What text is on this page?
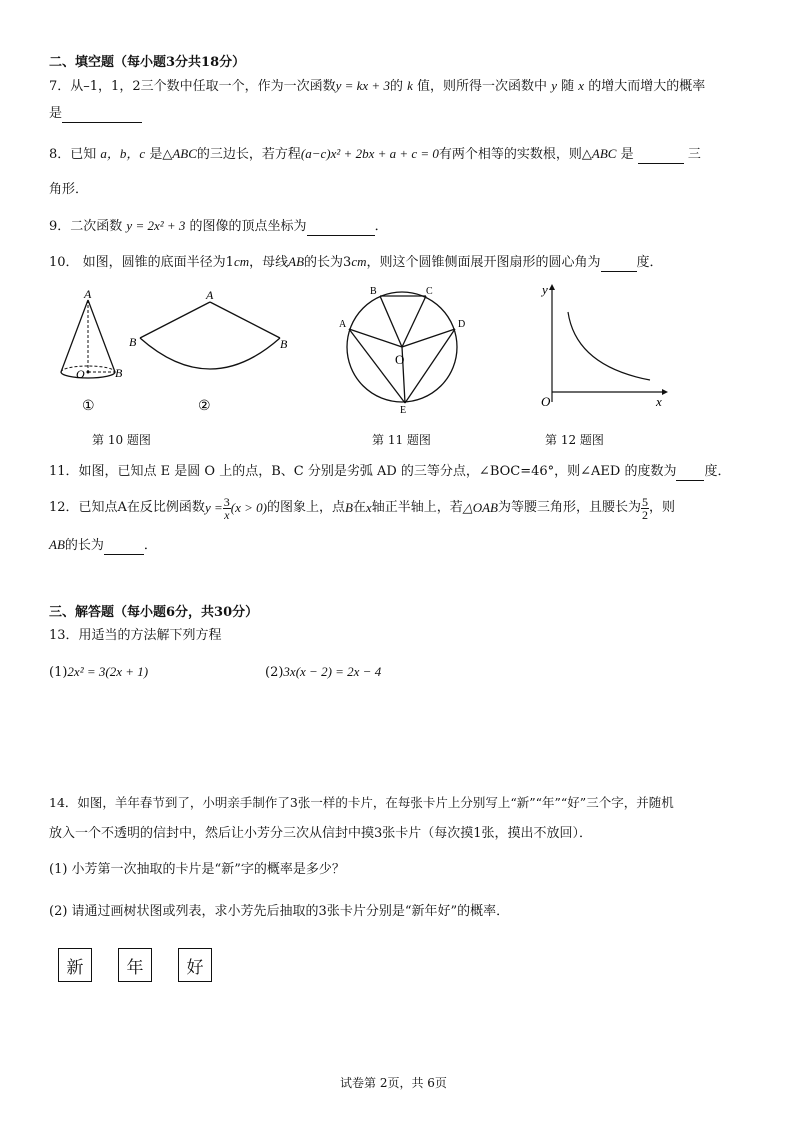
二、填空题（每小题3分共18分）
7．从–1，1，2三个数中任取一个，作为一次函数y = kx + 3的 k 值，则所得一次函数中 y 随 x 的增大而增大的概率
是
8．已知 a，b，c 是△ABC的三边长，若方程(a−c)x² + 2bx + a + c = 0有两个相等的实数根，则△ABC 是	三
角形．
9．二次函数 y = 2x² + 3 的图像的顶点坐标为	．
10． 如图，圆锥的底面半径为1cm，母线AB的长为3cm，则这个圆锥侧面展开图扇形的圆心角为	度．
A
O	B
①
A
B	B
②
B	C
A	D
O
E
y
x
O
第 10 题图	第 11 题图	第 12 题图
11．如图，已知点 E 是圆 O 上的点，B、C 分别是劣弧 AD 的三等分点，∠BOC=46°，则∠AED 的度数为 度．
12．已知点A在反比例函数 $y = \frac{3}{x} (x > 0)$ 的图象上，点 B 在 x 轴正半轴上，若 △OAB 为等腰三角形，且腰长为 $\frac{5}{2}$ ，则
AB的长为	．
三、解答题（每小题6分，共30分）
13．用适当的方法解下列方程
(1)2x² = 3(2x + 1)	(2)3x(x − 2) = 2x − 4
14．如图，羊年春节到了，小明亲手制作了3张一样的卡片，在每张卡片上分别写上“新”“年”“好”三个字，并随机
放入一个不透明的信封中，然后让小芳分三次从信封中摸3张卡片（每次摸1张，摸出不放回）．
(1) 小芳第一次抽取的卡片是“新”字的概率是多少？
(2) 请通过画树状图或列表，求小芳先后抽取的3张卡片分别是“新年好”的概率．
新	年	好
试卷第 2页，共 6页
